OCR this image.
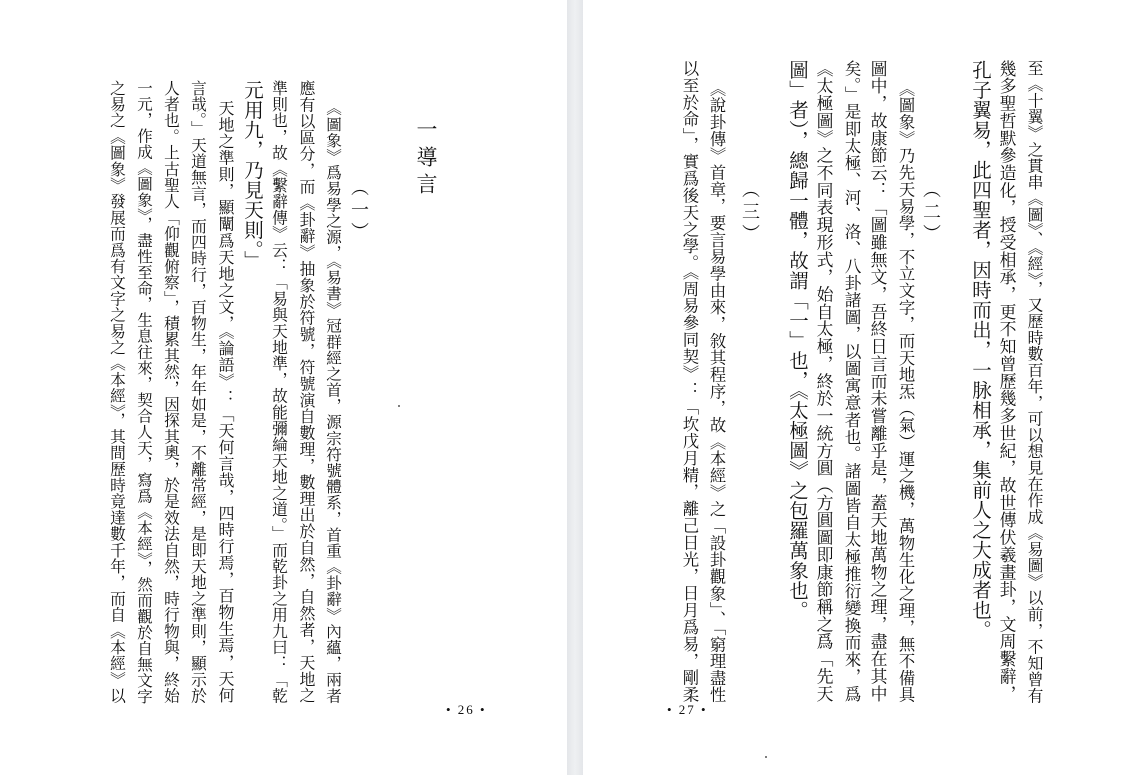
一
導言
（一）
《圖象》爲易學之源，《易書》冠群經之首，源宗符號體系，首重《卦辭》內蘊，兩者
應有以區分，而《卦辭》抽象於符號，符號演自數理，數理出於自然，自然者，天地之
準則也，故《繫辭傳》云：「易與天地準，故能彌綸天地之道。」而乾卦之用九曰：「乾
元用九，乃見天則。」
天地之準則，顯闡爲天地之文，《論語》：「天何言哉，四時行焉，百物生焉，天何
言哉。」天道無言，而四時行，百物生，年年如是，不離常經，是即天地之準則，顯示於
人者也。上古聖人「仰觀俯察」，積累其然，因探其奧，於是效法自然，時行物與，終始
一元，作成《圖象》，盡性至命，生息往來，契合人天，寫爲《本經》，然而觀於自無文字
之易之《圖象》發展而爲有文字之易之《本經》，其間歷時竟達數千年，而自《本經》以
• 26 •
至《十翼》之貫串《圖》、《經》，又歷時數百年，可以想見在作成《易圖》以前，不知曾有
幾多聖哲默參造化，授受相承，更不知曾歷幾多世紀，故世傳伏羲畫卦，文周繫辭，
孔子翼易，此四聖者，因時而出，一脉相承，集前人之大成者也。
（二）
《圖象》乃先天易學，不立文字，而天地炁（氣）運之機，萬物生化之理，無不備具
圖中，故康節云：「圖雖無文，吾終日言而未嘗離乎是，蓋天地萬物之理，盡在其中
矣。」是即太極、河、洛、八卦諸圖，以圖寓意者也。諸圖皆自太極推衍變換而來，爲
《太極圖》之不同表現形式，始自太極，終於一統方圓（方圓圖即康節稱之爲「先天
圖」者），總歸一體，故謂「一」也，《太極圖》之包羅萬象也。
（三）
《說卦傳》首章，要言易學由來，敘其程序，故《本經》之「設卦觀象」、「窮理盡性
以至於命」，實爲後天之學。《周易參同契》：「坎戊月精，離己日光，日月爲易，剛柔
• 27 •
